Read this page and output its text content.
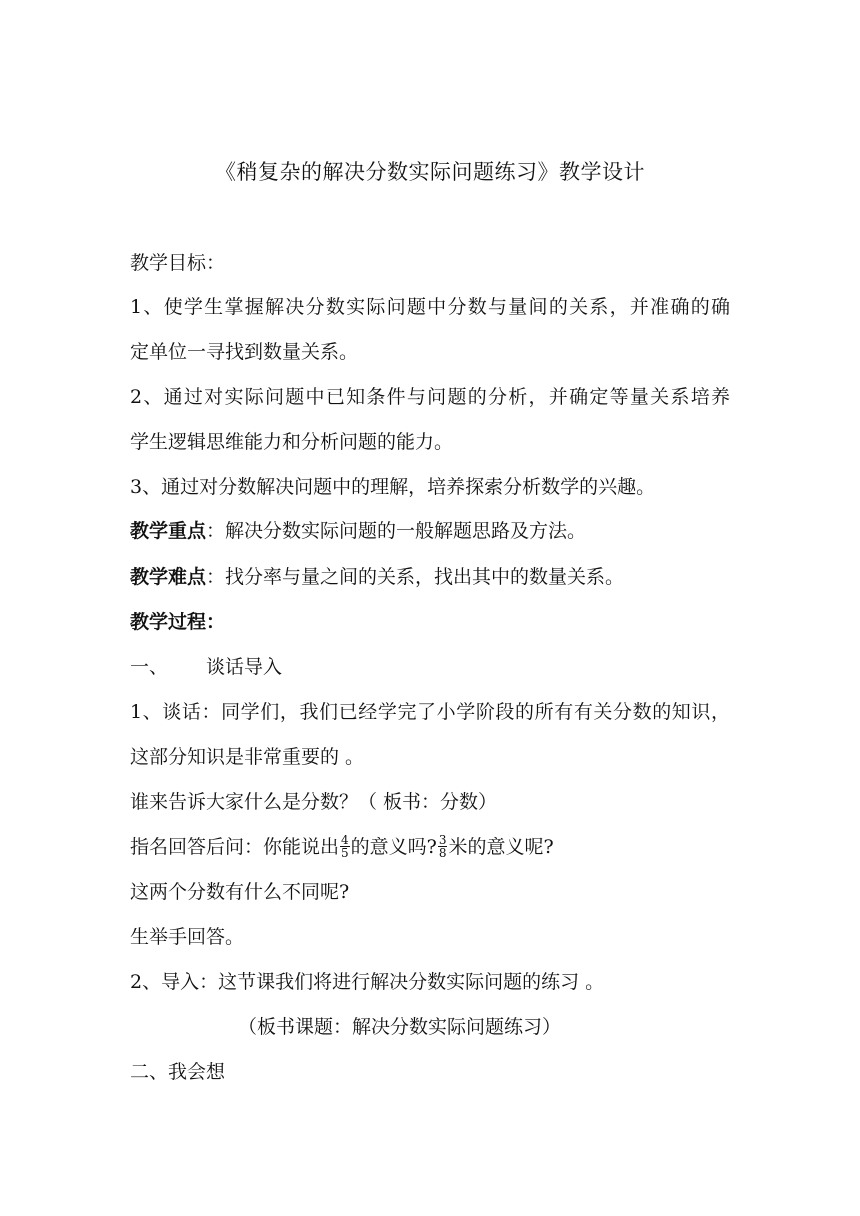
《稍复杂的解决分数实际问题练习》教学设计
教学目标：
1、使学生掌握解决分数实际问题中分数与量间的关系，并准确的确
定单位一寻找到数量关系。
2、通过对实际问题中已知条件与问题的分析，并确定等量关系培养
学生逻辑思维能力和分析问题的能力。
3、通过对分数解决问题中的理解，培养探索分析数学的兴趣。
教学重点：解决分数实际问题的一般解题思路及方法。
教学难点：找分率与量之间的关系，找出其中的数量关系。
教学过程：
一、 谈话导入
1、谈话：同学们，我们已经学完了小学阶段的所有有关分数的知识，
这部分知识是非常重要的 。
谁来告诉大家什么是分数？（ 板书：分数）
指名回答后问：你能说出 $\frac{4}{5}$ 的意义吗? $\frac{3}{8}$ 米的意义呢?
这两个分数有什么不同呢?
生举手回答。
2、导入：这节课我们将进行解决分数实际问题的练习 。
（板书课题：解决分数实际问题练习）
二、我会想
